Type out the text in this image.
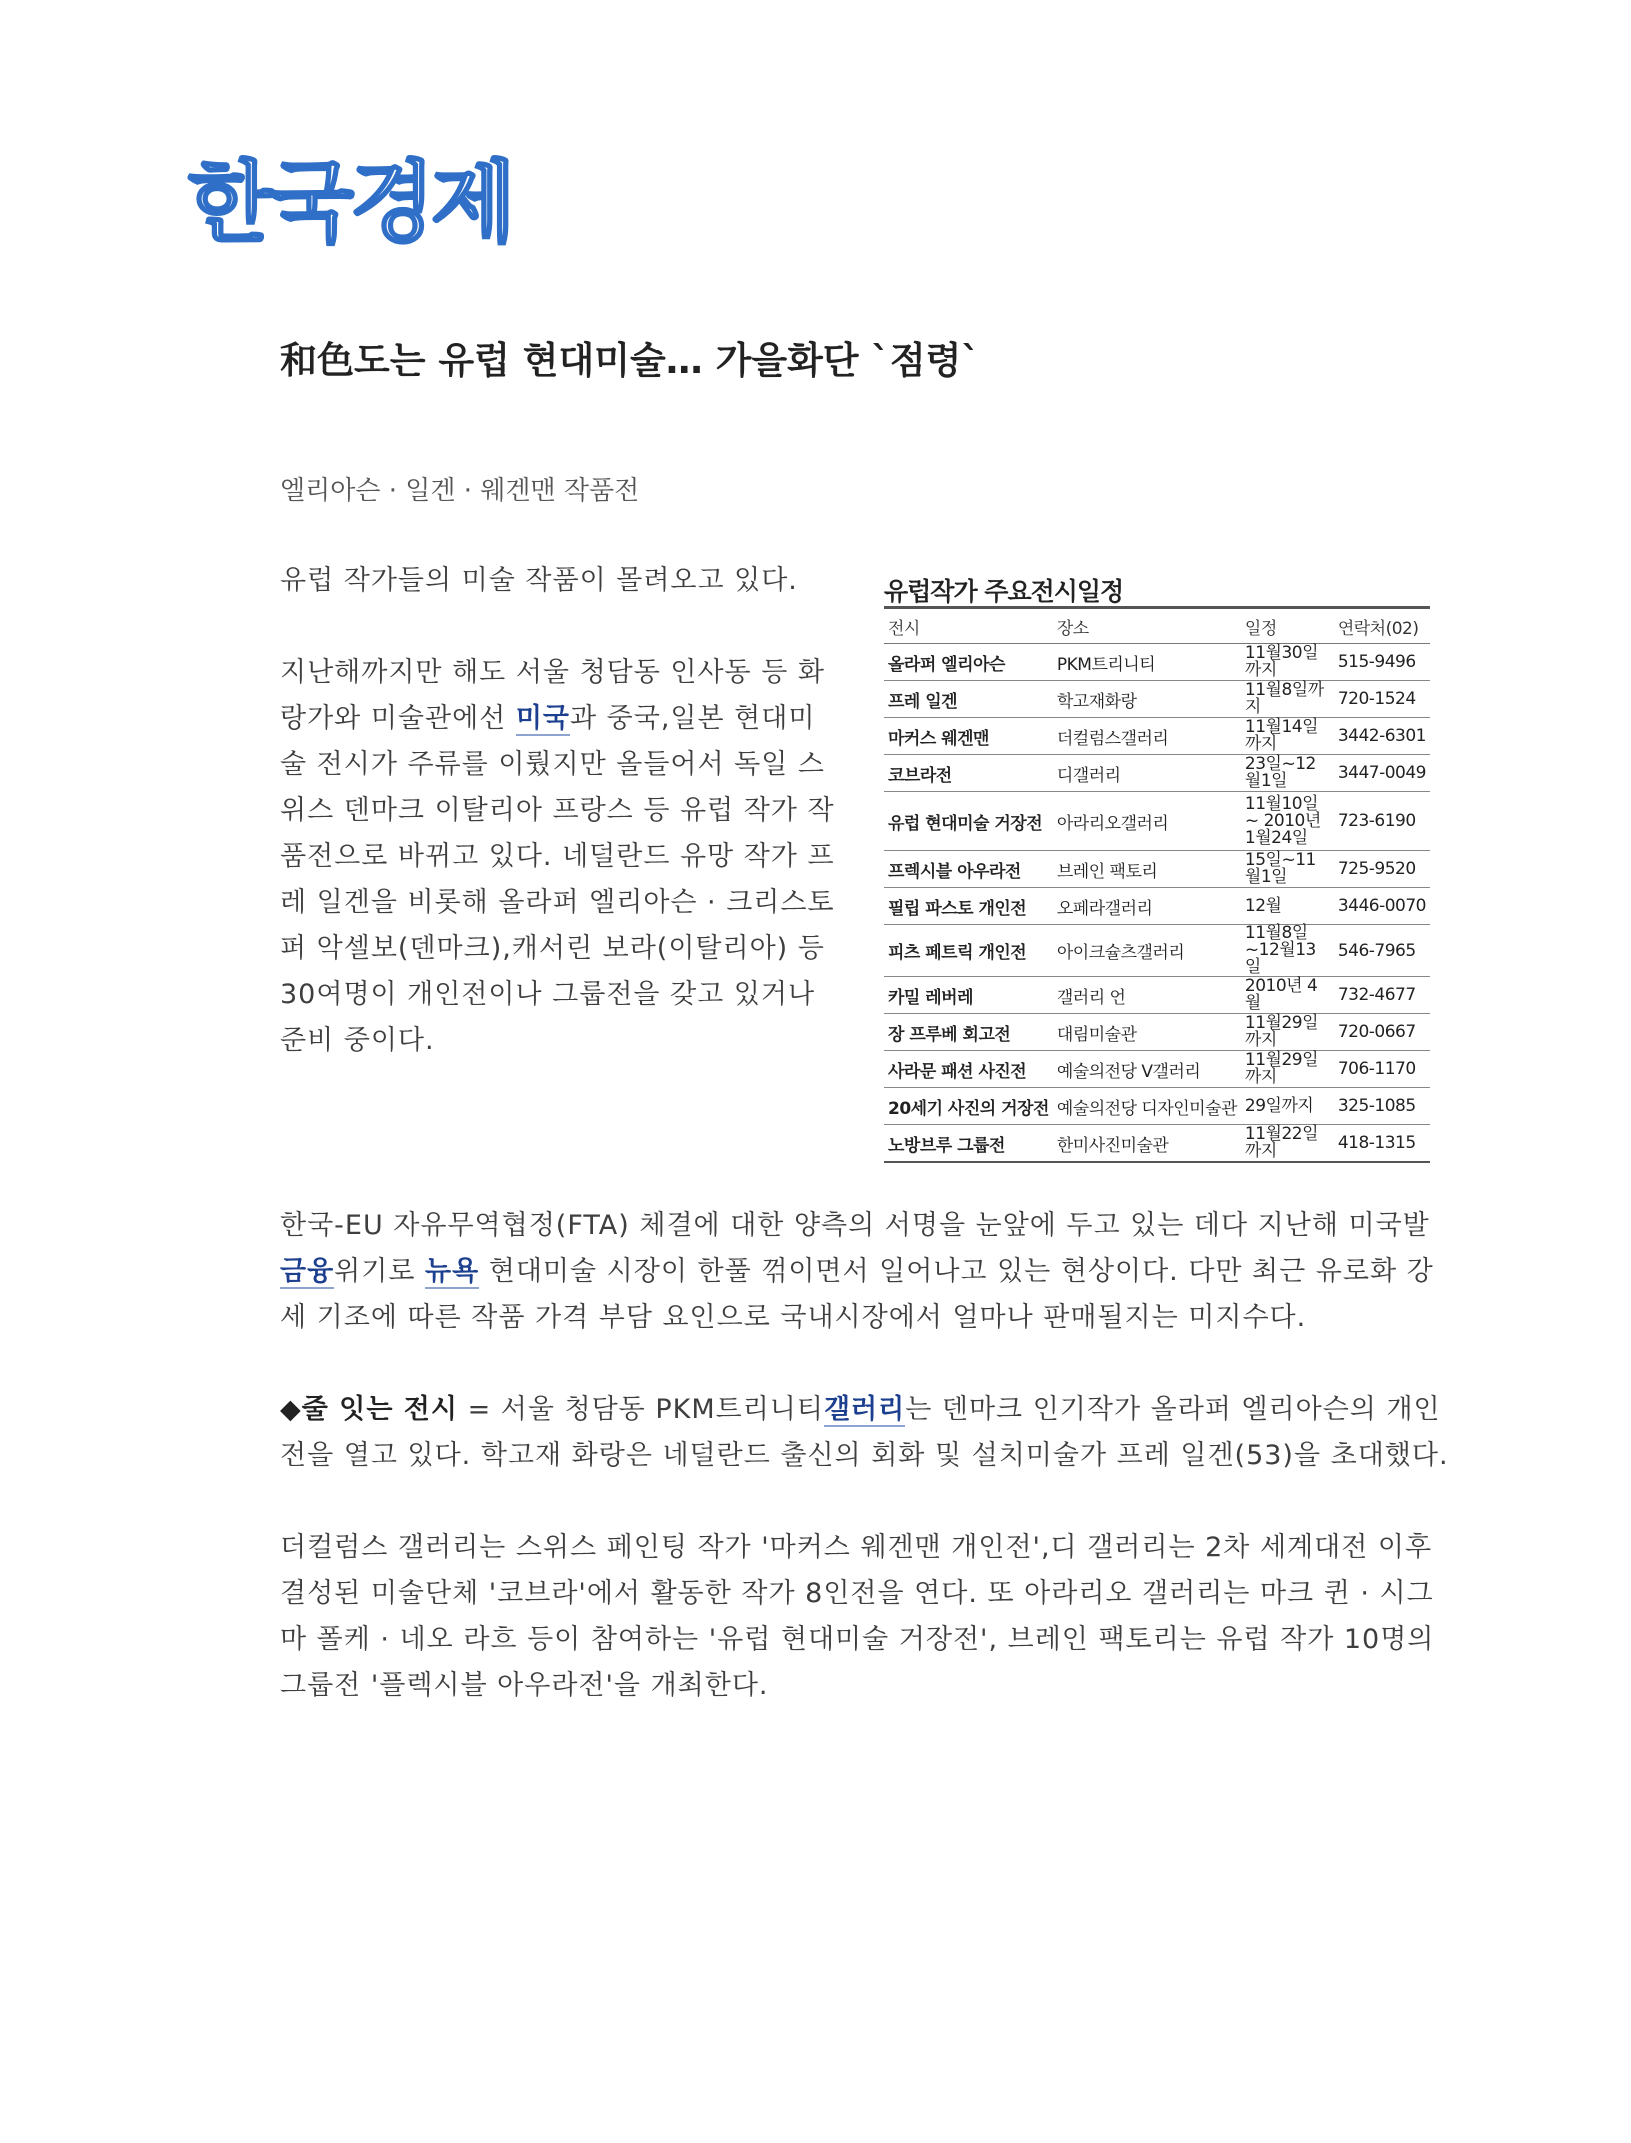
한국경제
和色도는 유럽 현대미술… 가을화단 `점령`
엘리아슨 · 일겐 · 웨겐맨 작품전

유럽 작가들의 미술 작품이 몰려오고 있다.

지난해까지만 해도 서울 청담동 인사동 등 화랑가와 미술관에선 미국과 중국,일본 현대미술 전시가 주류를 이뤘지만 올들어서 독일 스위스 덴마크 이탈리아 프랑스 등 유럽 작가 작품전으로 바뀌고 있다. 네덜란드 유망 작가 프레 일겐을 비롯해 올라퍼 엘리아슨 · 크리스토퍼 악셀보(덴마크),캐서린 보라(이탈리아) 등 30여명이 개인전이나 그룹전을 갖고 있거나 준비 중이다.

유럽작가 주요전시일정
전시	장소	일정	연락처(02)
올라퍼 엘리아슨	PKM트리니티	11월30일까지	515-9496
프레 일겐	학고재화랑	11월8일까지	720-1524
마커스 웨겐맨	더컬럼스갤러리	11월14일까지	3442-6301
코브라전	디갤러리	23일~12월1일	3447-0049
유럽 현대미술 거장전	아라리오갤러리	11월10일~ 2010년1월24일	723-6190
프렉시블 아우라전	브레인 팩토리	15일~11월1일	725-9520
필립 파스토 개인전	오페라갤러리	12월	3446-0070
피츠 페트릭 개인전	아이크슐츠갤러리	11월8일~12월13일	546-7965
카밀 레버레	갤러리 언	2010년 4월	732-4677
장 프루베 회고전	대림미술관	11월29일까지	720-0667
사라문 패션 사진전	예술의전당 V갤러리	11월29일까지	706-1170
20세기 사진의 거장전	예술의전당 디자인미술관	29일까지	325-1085
노방브루 그룹전	한미사진미술관	11월22일까지	418-1315

한국-EU 자유무역협정(FTA) 체결에 대한 양측의 서명을 눈앞에 두고 있는 데다 지난해 미국발 금융위기로 뉴욕 현대미술 시장이 한풀 꺾이면서 일어나고 있는 현상이다. 다만 최근 유로화 강세 기조에 따른 작품 가격 부담 요인으로 국내시장에서 얼마나 판매될지는 미지수다.

◆줄 잇는 전시 = 서울 청담동 PKM트리니티갤러리는 덴마크 인기작가 올라퍼 엘리아슨의 개인전을 열고 있다. 학고재 화랑은 네덜란드 출신의 회화 및 설치미술가 프레 일겐(53)을 초대했다.

더컬럼스 갤러리는 스위스 페인팅 작가 '마커스 웨겐맨 개인전',디 갤러리는 2차 세계대전 이후 결성된 미술단체 '코브라'에서 활동한 작가 8인전을 연다. 또 아라리오 갤러리는 마크 퀸 · 시그마 폴케 · 네오 라흐 등이 참여하는 '유럽 현대미술 거장전', 브레인 팩토리는 유럽 작가 10명의 그룹전 '플렉시블 아우라전'을 개최한다.
